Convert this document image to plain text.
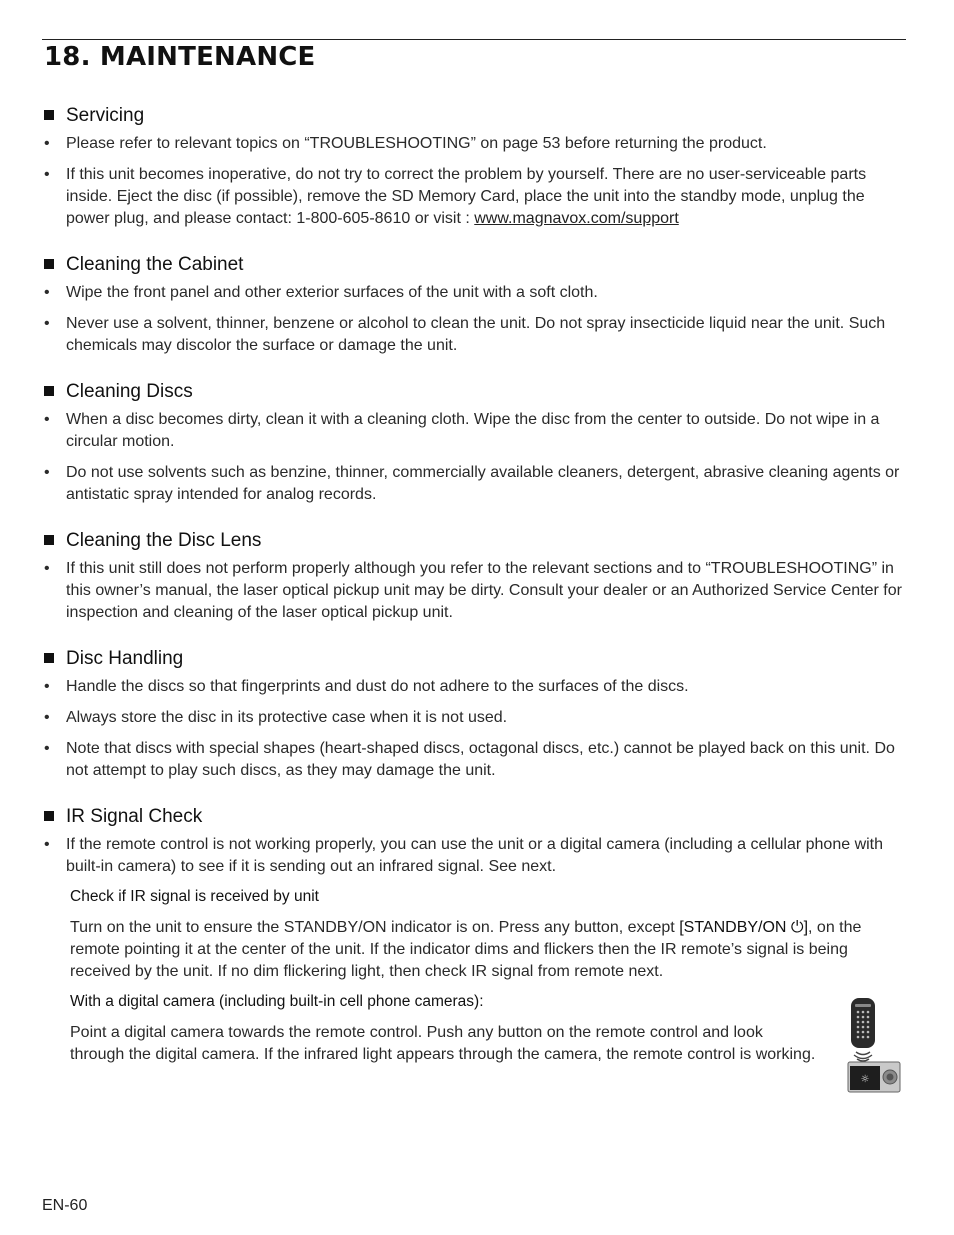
18. MAINTENANCE
Servicing
•	Please refer to relevant topics on “TROUBLESHOOTING” on page 53 before returning the product.
•	If this unit becomes inoperative, do not try to correct the problem by yourself. There are no user-serviceable parts inside. Eject the disc (if possible), remove the SD Memory Card, place the unit into the standby mode, unplug the power plug, and please contact: 1-800-605-8610 or visit : www.magnavox.com/support
Cleaning the Cabinet
•	Wipe the front panel and other exterior surfaces of the unit with a soft cloth.
•	Never use a solvent, thinner, benzene or alcohol to clean the unit. Do not spray insecticide liquid near the unit. Such chemicals may discolor the surface or damage the unit.
Cleaning Discs
•	When a disc becomes dirty, clean it with a cleaning cloth. Wipe the disc from the center to outside. Do not wipe in a circular motion.
•	Do not use solvents such as benzine, thinner, commercially available cleaners, detergent, abrasive cleaning agents or antistatic spray intended for analog records.
Cleaning the Disc Lens
•	If this unit still does not perform properly although you refer to the relevant sections and to “TROUBLESHOOTING” in this owner’s manual, the laser optical pickup unit may be dirty. Consult your dealer or an Authorized Service Center for inspection and cleaning of the laser optical pickup unit.
Disc Handling
•	Handle the discs so that fingerprints and dust do not adhere to the surfaces of the discs.
•	Always store the disc in its protective case when it is not used.
•	Note that discs with special shapes (heart-shaped discs, octagonal discs, etc.) cannot be played back on this unit. Do not attempt to play such discs, as they may damage the unit.
IR Signal Check
•	If the remote control is not working properly, you can use the unit or a digital camera (including a cellular phone with built-in camera) to see if it is sending out an infrared signal. See next.
Check if IR signal is received by unit
Turn on the unit to ensure the STANDBY/ON indicator is on. Press any button, except [STANDBY/ON ⏻], on the remote pointing it at the center of the unit. If the indicator dims and flickers then the IR remote’s signal is being received by the unit. If no dim flickering light, then check IR signal from remote next.
With a digital camera (including built-in cell phone cameras):
Point a digital camera towards the remote control. Push any button on the remote control and look through the digital camera. If the infrared light appears through the camera, the remote control is working.
☼
EN-60
